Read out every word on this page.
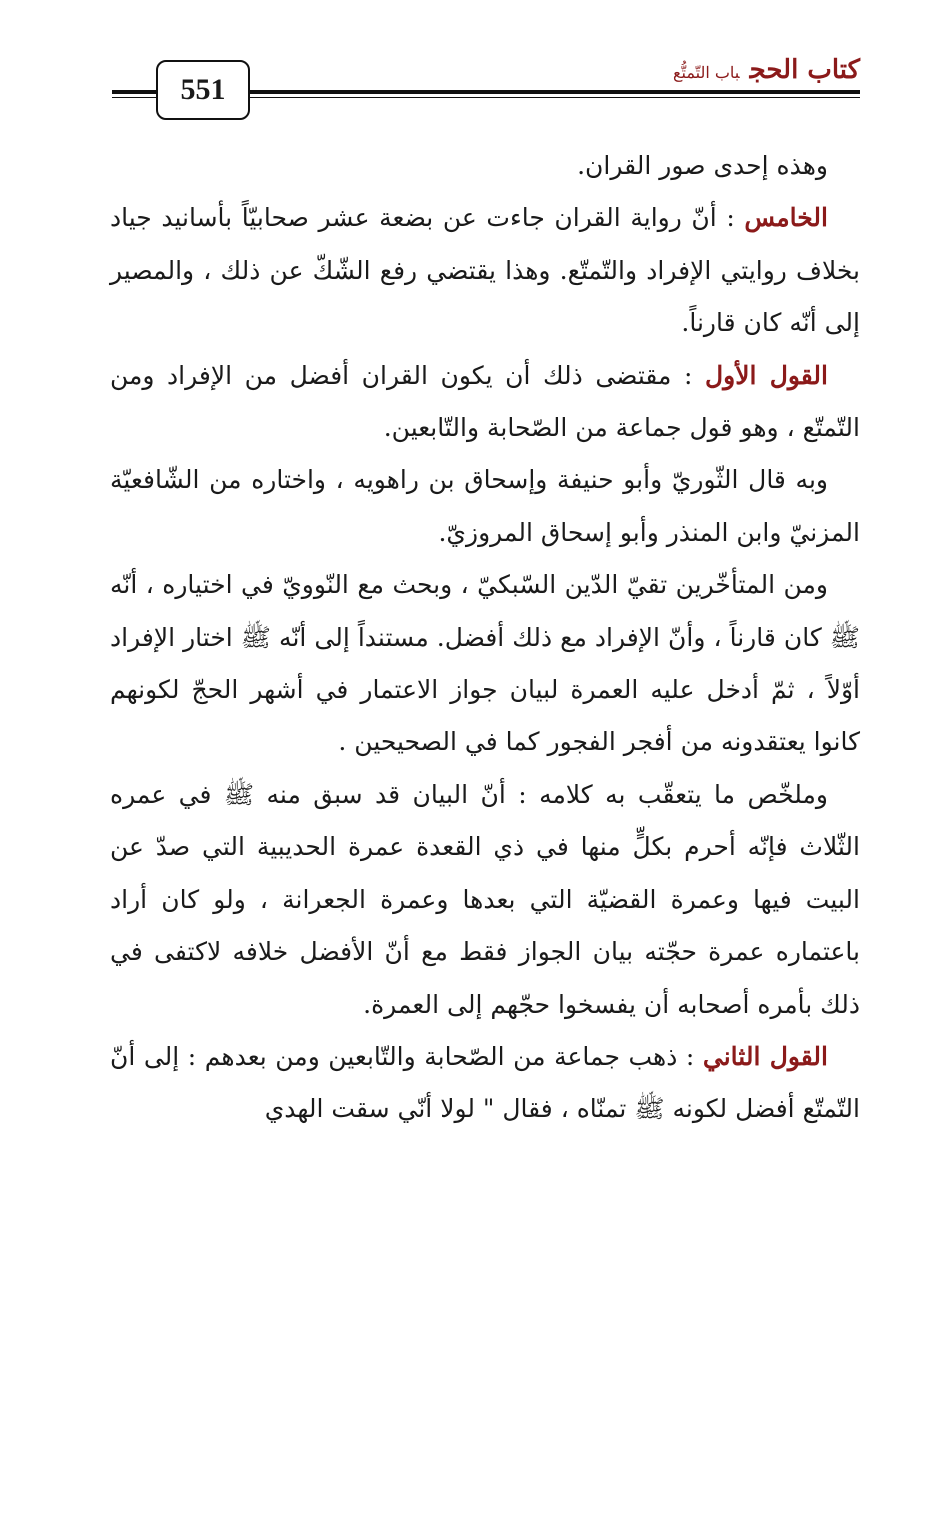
551
كتاب الحجباب التّمتُّع

وهذه إحدى صور القران.

الخامس : أنّ رواية القران جاءت عن بضعة عشر صحابيّاً بأسانيد جياد بخلاف روايتي الإفراد والتّمتّع. وهذا يقتضي رفع الشّكّ عن ذلك ، والمصير إلى أنّه كان قارناً.

القول الأول : مقتضى ذلك أن يكون القران أفضل من الإفراد ومن التّمتّع ، وهو قول جماعة من الصّحابة والتّابعين.

وبه قال الثّوريّ وأبو حنيفة وإسحاق بن راهويه ، واختاره من الشّافعيّة المزنيّ وابن المنذر وأبو إسحاق المروزيّ.

ومن المتأخّرين تقيّ الدّين السّبكيّ ، وبحث مع النّوويّ في اختياره ، أنّه ﷺ كان قارناً ، وأنّ الإفراد مع ذلك أفضل. مستنداً إلى أنّه ﷺ اختار الإفراد أوّلاً ، ثمّ أدخل عليه العمرة لبيان جواز الاعتمار في أشهر الحجّ لكونهم كانوا يعتقدونه من أفجر الفجور كما في الصحيحين .

وملخّص ما يتعقّب به كلامه : أنّ البيان قد سبق منه ﷺ في عمره الثّلاث فإنّه أحرم بكلٍّ منها في ذي القعدة عمرة الحديبية التي صدّ عن البيت فيها وعمرة القضيّة التي بعدها وعمرة الجعرانة ، ولو كان أراد باعتماره عمرة حجّته بيان الجواز فقط مع أنّ الأفضل خلافه لاكتفى في ذلك بأمره أصحابه أن يفسخوا حجّهم إلى العمرة.

القول الثاني : ذهب جماعة من الصّحابة والتّابعين ومن بعدهم : إلى أنّ التّمتّع أفضل لكونه ﷺ تمنّاه ، فقال " لولا أنّي سقت الهدي
